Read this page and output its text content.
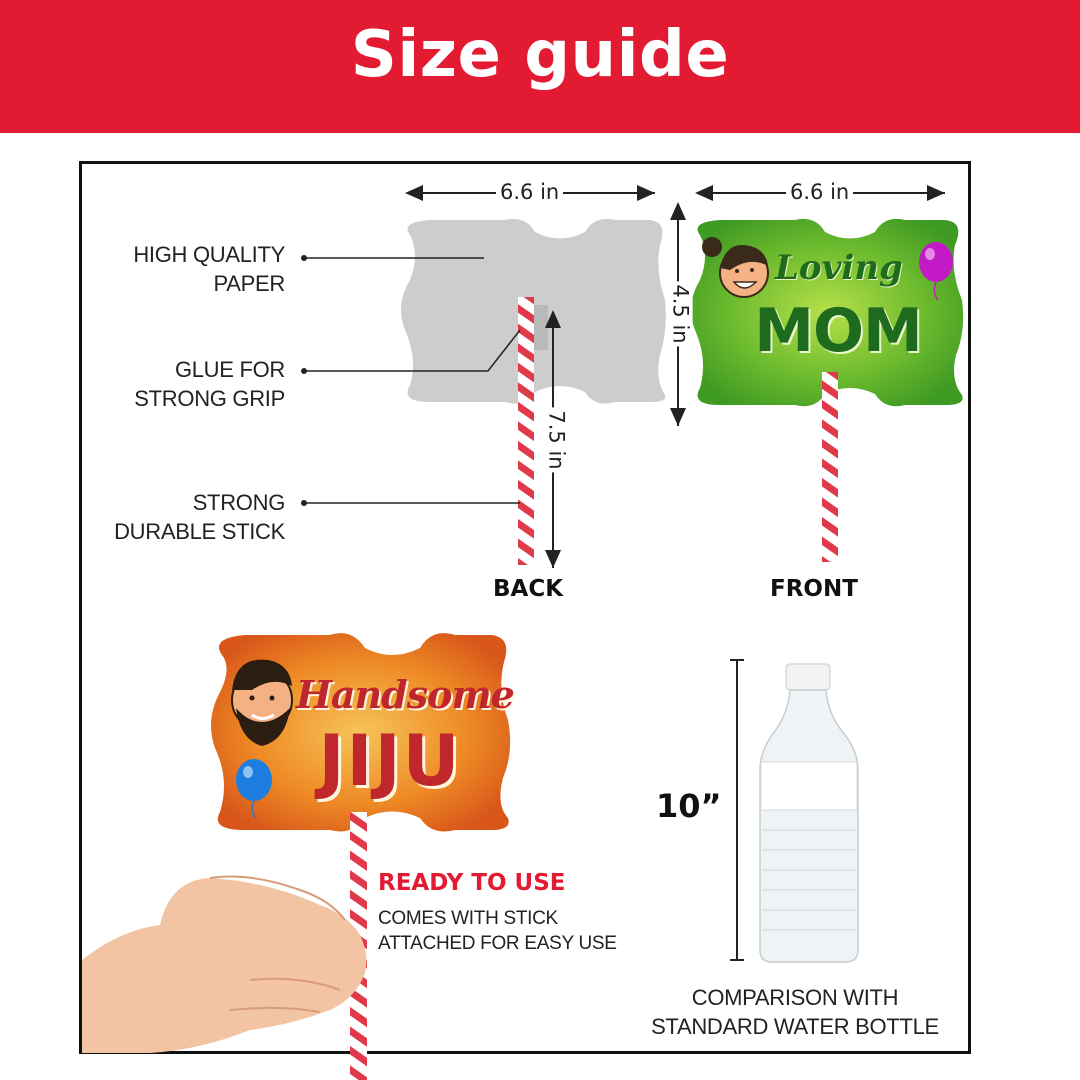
Size guide
6.6 in
7.5 in
HIGH QUALITY
PAPER
GLUE FOR
STRONG GRIP
STRONG
DURABLE STICK
BACK
6.6 in
4.5 in
Loving
MOM
FRONT
Handsome
JIJU
READY TO USE
COMES WITH STICK
ATTACHED FOR EASY USE
10”
COMPARISON WITH
STANDARD WATER BOTTLE
